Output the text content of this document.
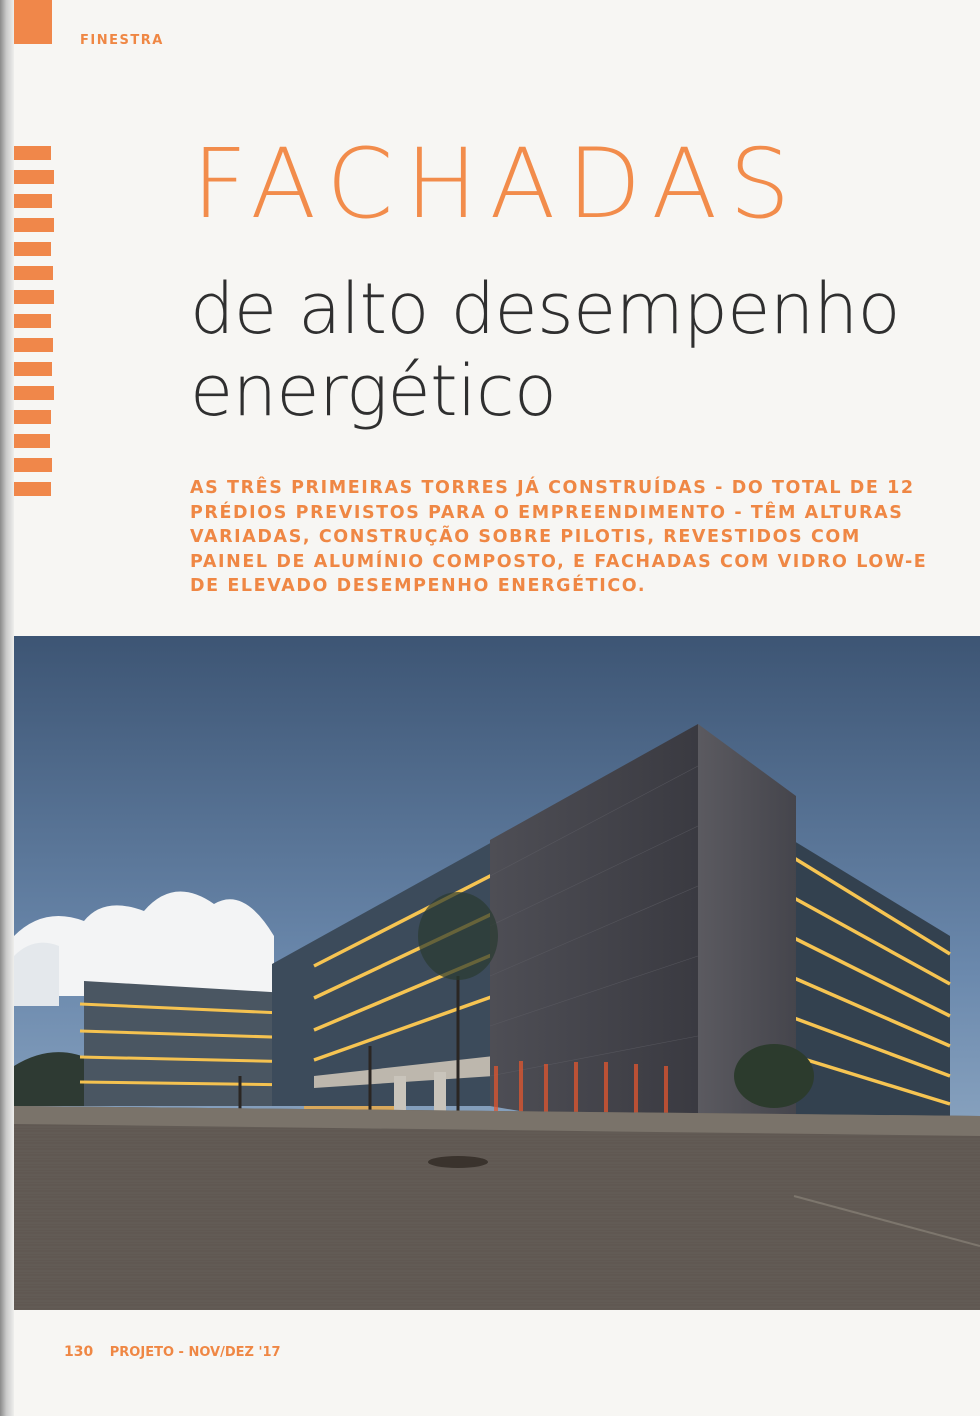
FINESTRA
FACHADAS
de alto desempenho
energético

AS TRÊS PRIMEIRAS TORRES JÁ CONSTRUÍDAS - DO TOTAL DE 12 PRÉDIOS PREVISTOS PARA O EMPREENDIMENTO - TÊM ALTURAS VARIADAS, CONSTRUÇÃO SOBRE PILOTIS, REVESTIDOS COM PAINEL DE ALUMÍNIO COMPOSTO, E FACHADAS COM VIDRO LOW-E DE ELEVADO DESEMPENHO ENERGÉTICO.

130 PROJETO - NOV/DEZ '17
